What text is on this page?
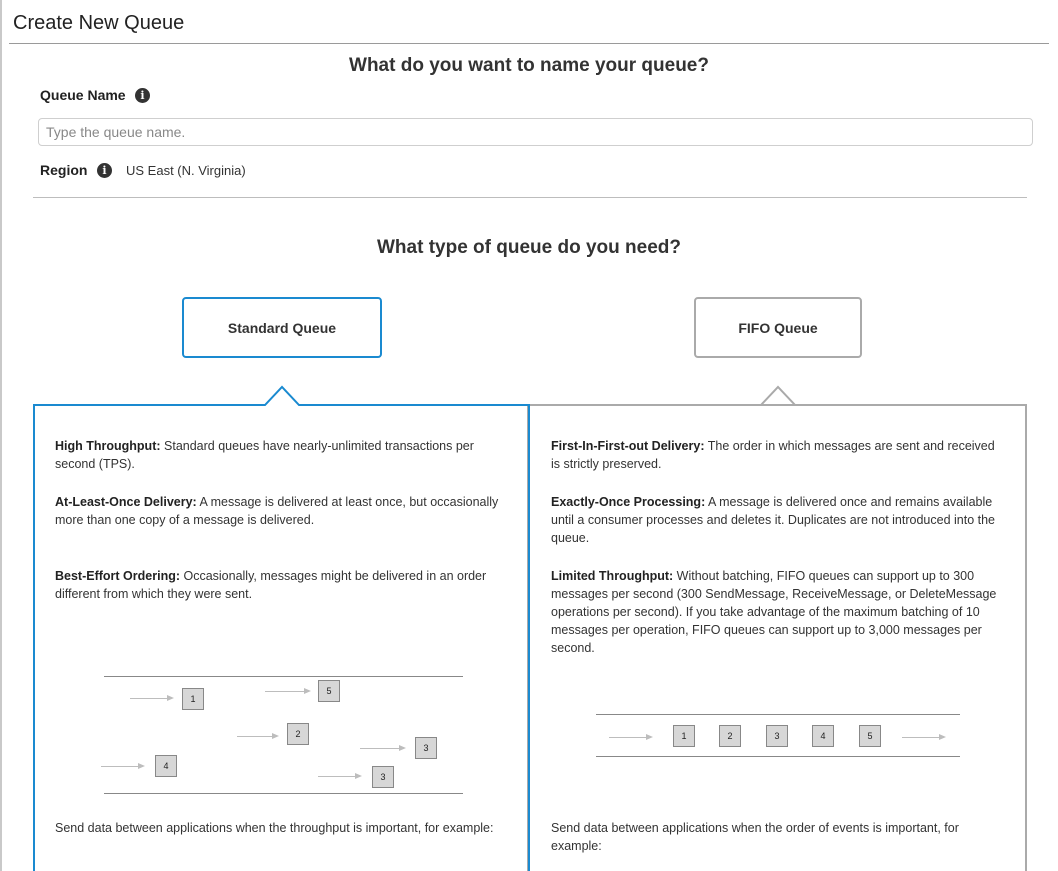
Create New Queue
What do you want to name your queue?
Queue Name	i
Type the queue name.
Region	i	US East (N. Virginia)
What type of queue do you need?
Standard Queue	FIFO Queue
High Throughput: Standard queues have nearly-unlimited transactions per second (TPS).
At-Least-Once Delivery: A message is delivered at least once, but occasionally more than one copy of a message is delivered.
Best-Effort Ordering: Occasionally, messages might be delivered in an order different from which they were sent.
1
5
2
3
4
3
Send data between applications when the throughput is important, for example:
First-In-First-out Delivery: The order in which messages are sent and received is strictly preserved.
Exactly-Once Processing: A message is delivered once and remains available until a consumer processes and deletes it. Duplicates are not introduced into the queue.
Limited Throughput: Without batching, FIFO queues can support up to 300 messages per second (300 SendMessage, ReceiveMessage, or DeleteMessage operations per second). If you take advantage of the maximum batching of 10 messages per operation, FIFO queues can support up to 3,000 messages per second.
1	2	3	4	5
Send data between applications when the order of events is important, for example:
